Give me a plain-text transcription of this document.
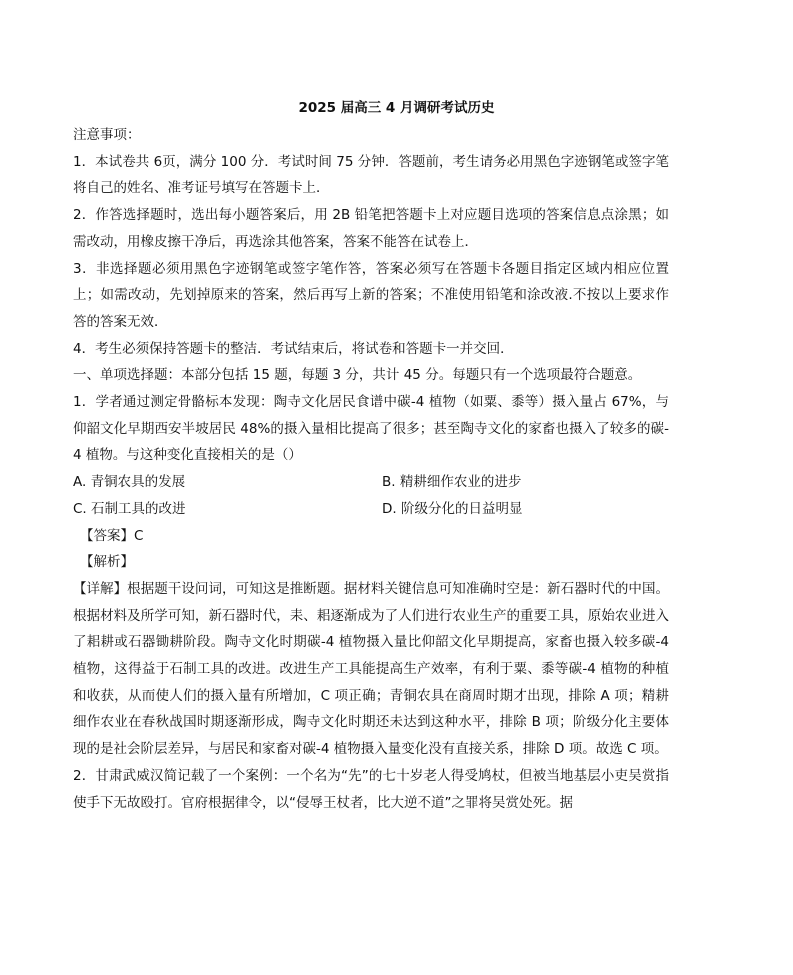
2025 届高三 4 月调研考试历史

注意事项：

1．本试卷共 6页，满分 100 分．考试时间 75 分钟．答题前，考生请务必用黑色字迹钢笔或签字笔将自己的姓名、准考证号填写在答题卡上．

2．作答选择题时，选出每小题答案后，用 2B 铅笔把答题卡上对应题目选项的答案信息点涂黑；如需改动，用橡皮擦干净后，再选涂其他答案，答案不能答在试卷上．

3．非选择题必须用黑色字迹钢笔或签字笔作答，答案必须写在答题卡各题目指定区域内相应位置上；如需改动，先划掉原来的答案，然后再写上新的答案；不准使用铅笔和涂改液.不按以上要求作答的答案无效．

4．考生必须保持答题卡的整洁．考试结束后，将试卷和答题卡一并交回．

一、单项选择题：本部分包括 15 题，每题 3 分，共计 45 分。每题只有一个选项最符合题意。

1．学者通过测定骨骼标本发现：陶寺文化居民食谱中碳-4 植物（如粟、黍等）摄入量占 67%，与仰韶文化早期西安半坡居民 48%的摄入量相比提高了很多；甚至陶寺文化的家畜也摄入了较多的碳-4 植物。与这种变化直接相关的是（）

A. 青铜农具的发展	B. 精耕细作农业的进步
C. 石制工具的改进	D. 阶级分化的日益明显

【答案】C

【解析】

【详解】根据题干设问词，可知这是推断题。据材料关键信息可知准确时空是：新石器时代的中国。根据材料及所学可知，新石器时代，耒、耜逐渐成为了人们进行农业生产的重要工具，原始农业进入了耜耕或石器锄耕阶段。陶寺文化时期碳-4 植物摄入量比仰韶文化早期提高，家畜也摄入较多碳-4 植物，这得益于石制工具的改进。改进生产工具能提高生产效率，有利于粟、黍等碳-4 植物的种植和收获，从而使人们的摄入量有所增加，C 项正确；青铜农具在商周时期才出现，排除 A 项；精耕细作农业在春秋战国时期逐渐形成，陶寺文化时期还未达到这种水平，排除 B 项；阶级分化主要体现的是社会阶层差异，与居民和家畜对碳-4 植物摄入量变化没有直接关系，排除 D 项。故选 C 项。

2．甘肃武威汉简记载了一个案例：一个名为“先”的七十岁老人得受鸠杖，但被当地基层小吏吴赏指使手下无故殴打。官府根据律令，以“侵辱王杖者，比大逆不道”之罪将吴赏处死。据
